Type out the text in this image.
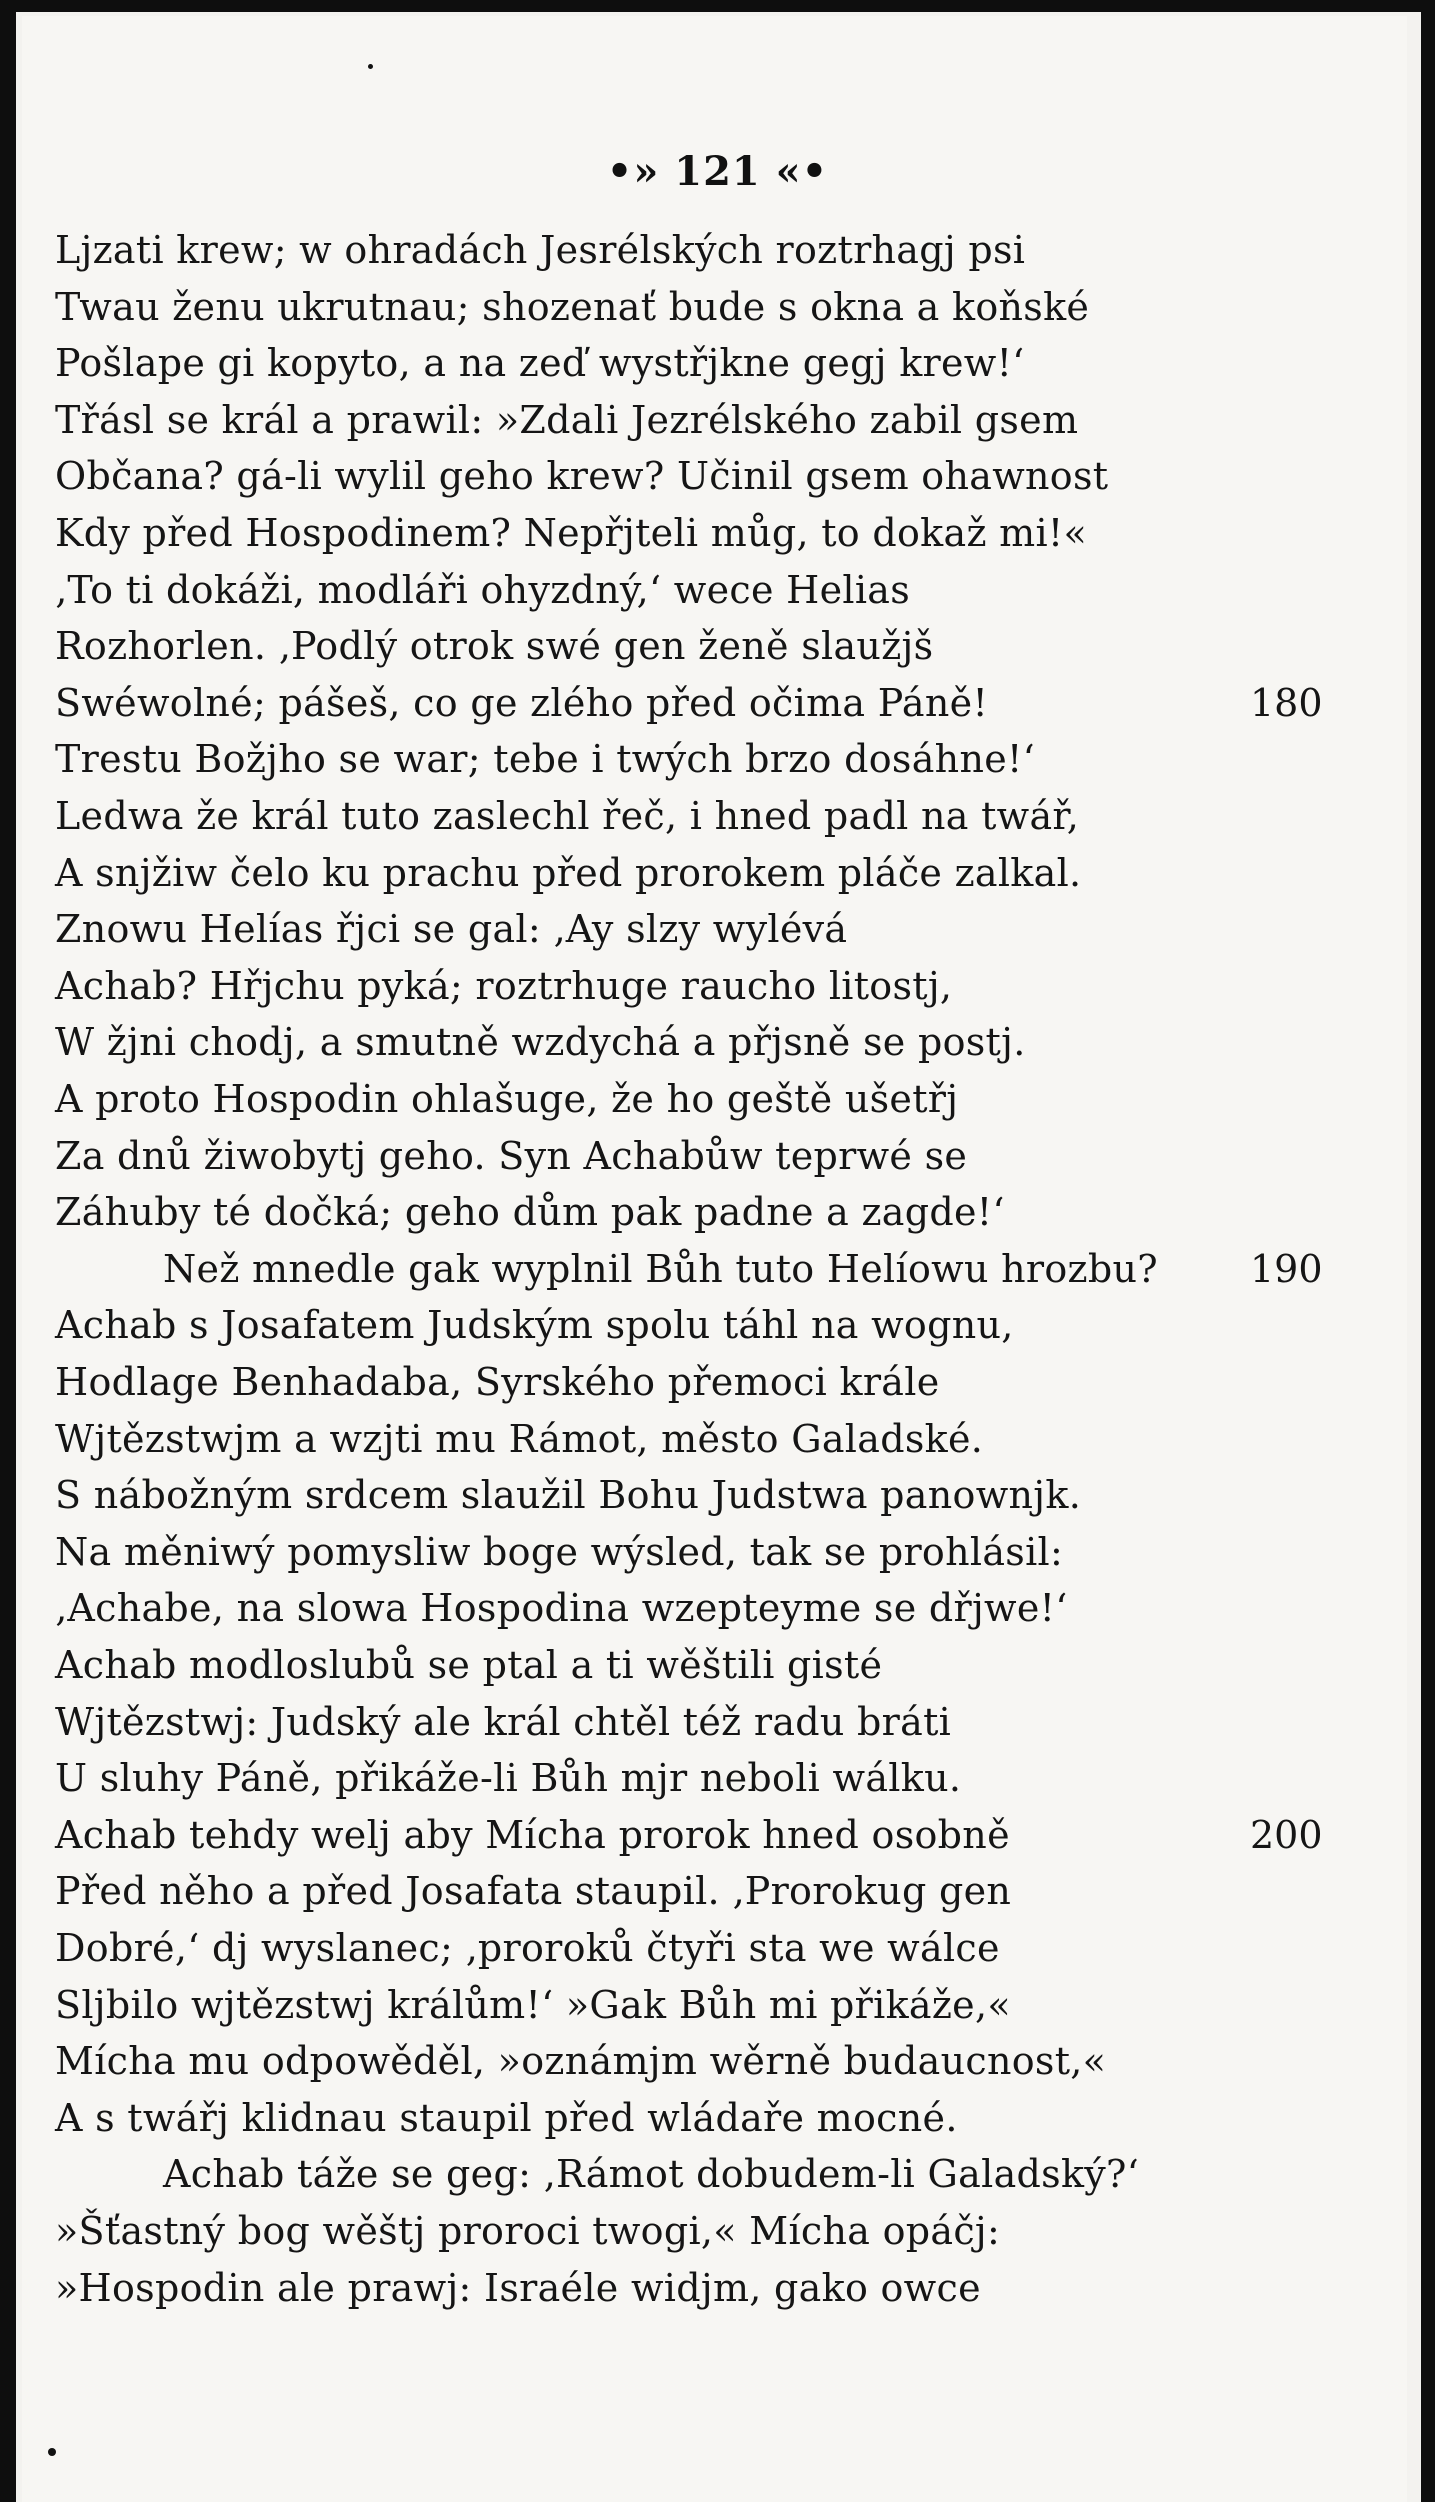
•» 121 «•
Ljzati krew; w ohradách Jesrélských roztrhagj psi
Twau ženu ukrutnau; shozenať bude s okna a koňské
Pošlape gi kopyto, a na zeď wystřjkne gegj krew!‘
Třásl se král a prawil: »Zdali Jezrélského zabil gsem
Občana? gá-li wylil geho krew? Učinil gsem ohawnost
Kdy před Hospodinem? Nepřjteli můg, to dokaž mi!«
‚To ti dokáži, modláři ohyzdný,‘ wece Helias
Rozhorlen. ‚Podlý otrok swé gen ženě slaužjš
Swéwolné; pášeš, co ge zlého před očima Páně!
Trestu Božjho se war; tebe i twých brzo dosáhne!‘
Ledwa že král tuto zaslechl řeč, i hned padl na twář,
A snjžiw čelo ku prachu před prorokem pláče zalkal.
Znowu Helías řjci se gal: ‚Ay slzy wylévá
Achab? Hřjchu pyká; roztrhuge raucho litostj,
W žjni chodj, a smutně wzdychá a přjsně se postj.
A proto Hospodin ohlašuge, že ho geště ušetřj
Za dnů žiwobytj geho. Syn Achabůw teprwé se
Záhuby té dočká; geho dům pak padne a zagde!‘
Než mnedle gak wyplnil Bůh tuto Helíowu hrozbu?
Achab s Josafatem Judským spolu táhl na wognu,
Hodlage Benhadaba, Syrského přemoci krále
Wjtězstwjm a wzjti mu Rámot, město Galadské.
S nábožným srdcem slaužil Bohu Judstwa panownjk.
Na měniwý pomysliw boge wýsled, tak se prohlásil:
‚Achabe, na slowa Hospodina wzepteyme se dřjwe!‘
Achab modloslubů se ptal a ti wěštili gisté
Wjtězstwj: Judský ale král chtěl též radu bráti
U sluhy Páně, přikáže-li Bůh mjr neboli wálku.
Achab tehdy welj aby Mícha prorok hned osobně
Před něho a před Josafata staupil. ‚Prorokug gen
Dobré,‘ dj wyslanec; ‚proroků čtyři sta we wálce
Sljbilo wjtězstwj králům!‘ »Gak Bůh mi přikáže,«
Mícha mu odpowěděl, »oznámjm wěrně budaucnost,«
A s twářj klidnau staupil před wládaře mocné.
Achab táže se geg: ‚Rámot dobudem-li Galadský?‘
»Šťastný bog wěštj proroci twogi,« Mícha opáčj:
»Hospodin ale prawj: Israéle widjm, gako owce
180
190
200
